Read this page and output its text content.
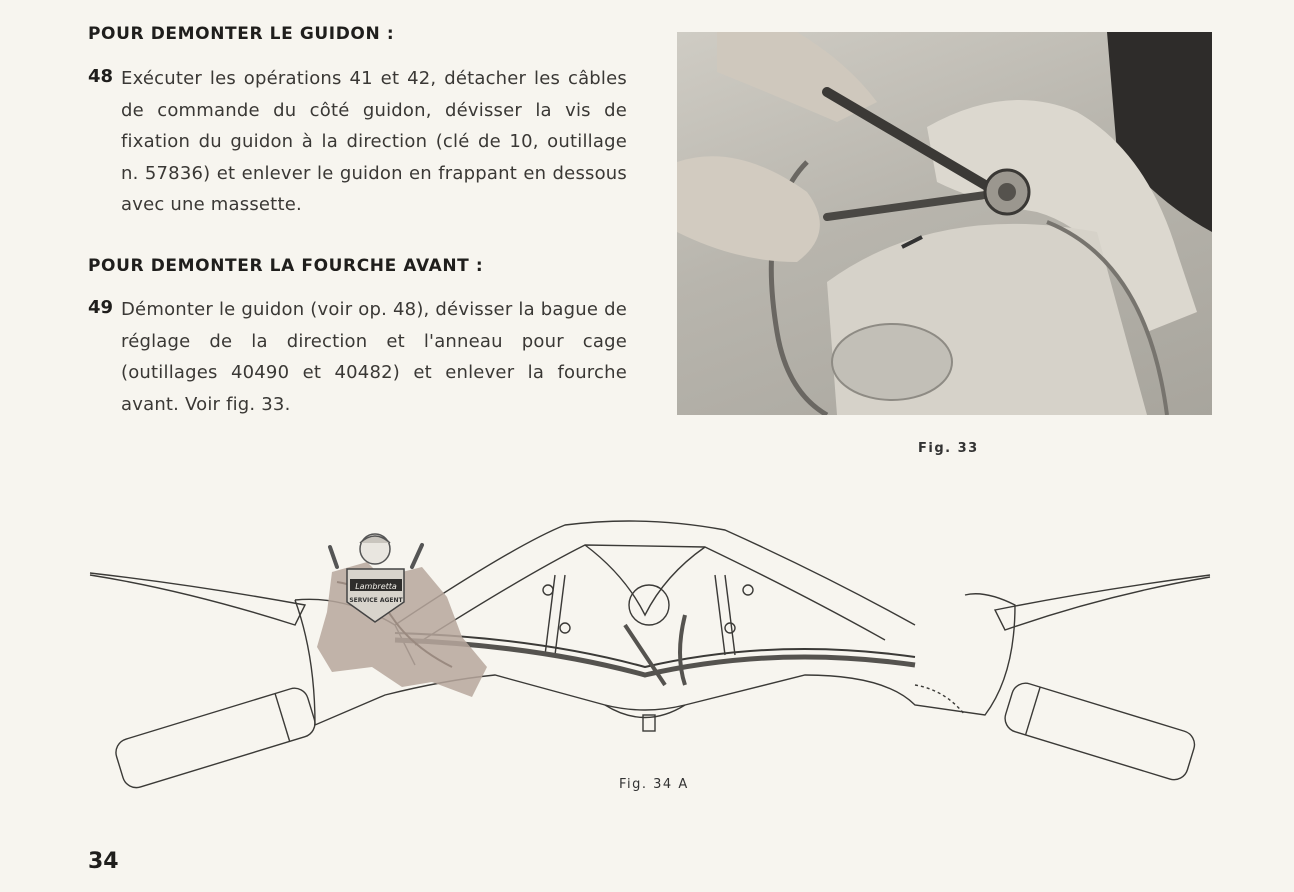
POUR DEMONTER LE GUIDON :
48 Exécuter les opérations 41 et 42, détacher les câbles de commande du côté guidon, dévisser la vis de fixation du guidon à la direction (clé de 10, outillage n. 57836) et enlever le guidon en frappant en dessous avec une massette.

POUR DEMONTER LA FOURCHE AVANT :
49 Démonter le guidon (voir op. 48), dévisser la bague de réglage de la direction et l'anneau pour cage (outillages 40490 et 40482) et enlever la fourche avant. Voir fig. 33.

Fig. 33
Lambretta
SERVICE AGENT
Fig. 34 A
34
